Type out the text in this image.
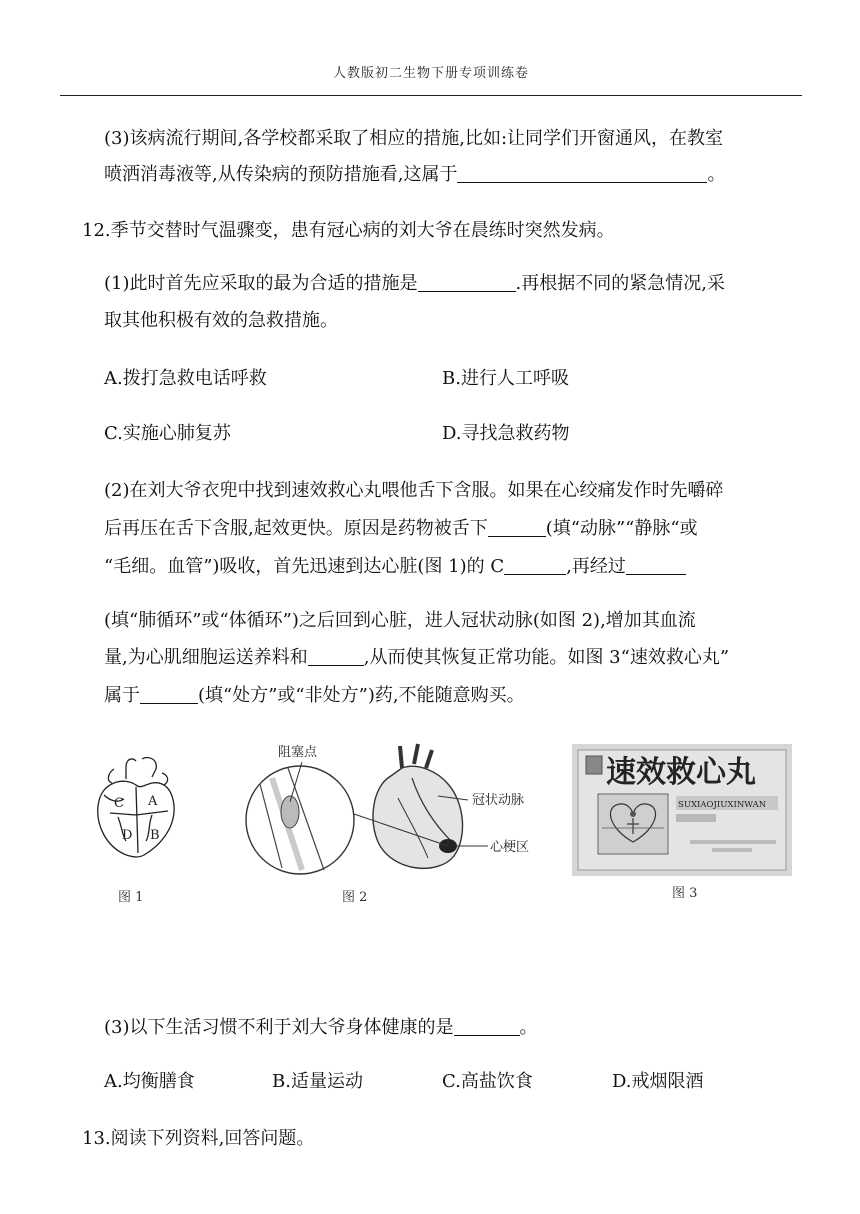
人教版初二生物下册专项训练卷

(3)该病流行期间,各学校都采取了相应的措施,比如:让同学们开窗通风，在教室

喷洒消毒液等,从传染病的预防措施看,这属于	。

12.季节交替时气温骤变，患有冠心病的刘大爷在晨练时突然发病。

(1)此时首先应采取的最为合适的措施是	.再根据不同的紧急情况,采

取其他积极有效的急救措施。

A.拨打急救电话呼救	B.进行人工呼吸
C.实施心肺复苏	D.寻找急救药物

(2)在刘大爷衣兜中找到速效救心丸喂他舌下含服。如果在心绞痛发作时先嚼碎

后再压在舌下含服,起效更快。原因是药物被舌下	(填“动脉”“静脉“或

“毛细。血管”)吸收，首先迅速到达心脏(图 1)的 C	,再经过

(填“肺循环”或“体循环”)之后回到心脏，进人冠状动脉(如图 2),增加其血流

量,为心肌细胞运送养料和	,从而使其恢复正常功能。如图 3“速效救心丸”

属于	(填“处方”或“非处方”)药,不能随意购买。

C A
D B
图 1
阻塞点
冠状动脉
心梗区
图 2
速效救心丸
SUXIAOJIUXINWAN
图 3

(3)以下生活习惯不利于刘大爷身体健康的是	。

A.均衡膳食	B.适量运动	C.高盐饮食	D.戒烟限酒

13.阅读下列资料,回答问题。
